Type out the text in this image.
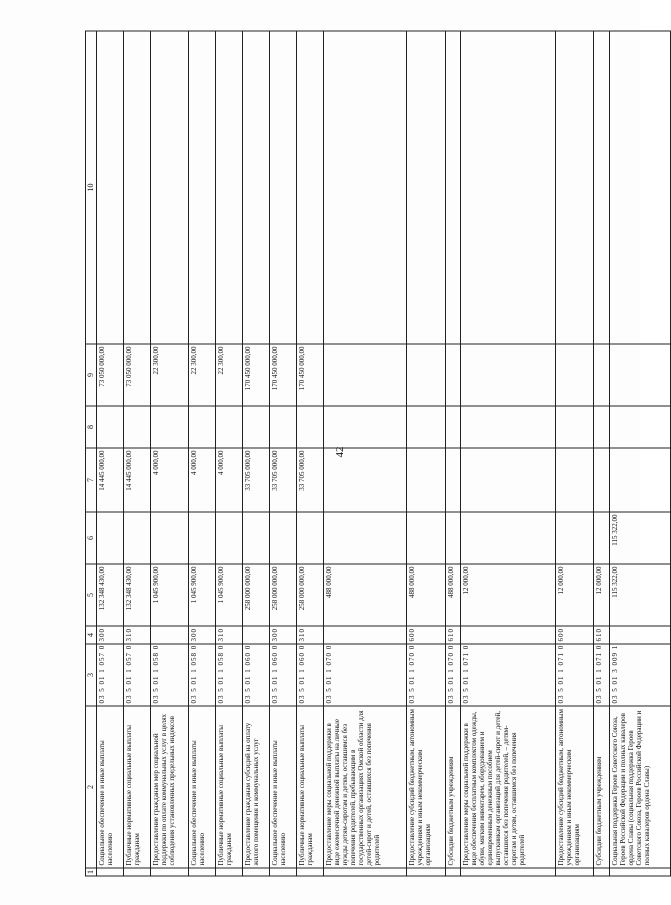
42
1	2	3	4	5	6	7	8	9	10
	Социальное обеспечение и иные выплаты населению	03 5 01 1 057 0	300	132 348 430,00		14 445 000,00		73 050 000,00	
	Публичные нормативные социальные выплаты гражданам	03 5 01 1 057 0	310	132 348 430,00		14 445 000,00		73 050 000,00	
	Предоставление гражданам мер социальной поддержки по оплате коммунальных услуг в целях соблюдения установленных предельных индексов	03 5 01 1 058 0		1 045 900,00		4 000,00		22 300,00	
	Социальное обеспечение и иные выплаты населению	03 5 01 1 058 0	300	1 045 900,00		4 000,00		22 300,00	
	Публичные нормативные социальные выплаты гражданам	03 5 01 1 058 0	310	1 045 900,00		4 000,00		22 300,00	
	Предоставление гражданам субсидий на оплату жилого помещения и коммунальных услуг	03 5 01 1 060 0		258 000 000,00		33 705 000,00		170 450 000,00	
	Социальное обеспечение и иные выплаты населению	03 5 01 1 060 0	300	258 000 000,00		33 705 000,00		170 450 000,00	
	Публичные нормативные социальные выплаты гражданам	03 5 01 1 060 0	310	258 000 000,00		33 705 000,00		170 450 000,00	
	Предоставление меры социальной поддержки в виде ежемесячной денежной выплаты на личные нужды детям-сиротам и детям, оставшимся без попечения родителей, пребывающим в государственных организациях Омской области для детей-сирот и детей, оставшихся без попечения родителей	03 5 01 1 070 0		488 000,00					
	Предоставление субсидий бюджетным, автономным учреждениям и иным некоммерческим организациям	03 5 01 1 070 0	600	488 000,00					
	Субсидии бюджетным учреждениям	03 5 01 1 070 0	610	488 000,00					
	Предоставление меры социальной поддержки в виде обеспечения бесплатным комплектом одежды, обуви, мягким инвентарем, оборудованием и единовременным денежным пособием выпускникам организаций для детей-сирот и детей, оставшихся без попечения родителей, – детям-сиротам и детям, оставшимся без попечения родителей	03 5 01 1 071 0		12 000,00					
	Предоставление субсидий бюджетным, автономным учреждениям и иным некоммерческим организациям	03 5 01 1 071 0	600	12 000,00					
	Субсидии бюджетным учреждениям	03 5 01 1 071 0	610	12 000,00					
	Социальная поддержка Героев Советского Союза, Героев Российской Федерации и полных кавалеров ордена Славы (социальная поддержка Героев Советского Союза, Героев Российской Федерации и полных кавалеров ордена Славы)	03 5 01 3 009 1		115 322,00	115 322,00				
